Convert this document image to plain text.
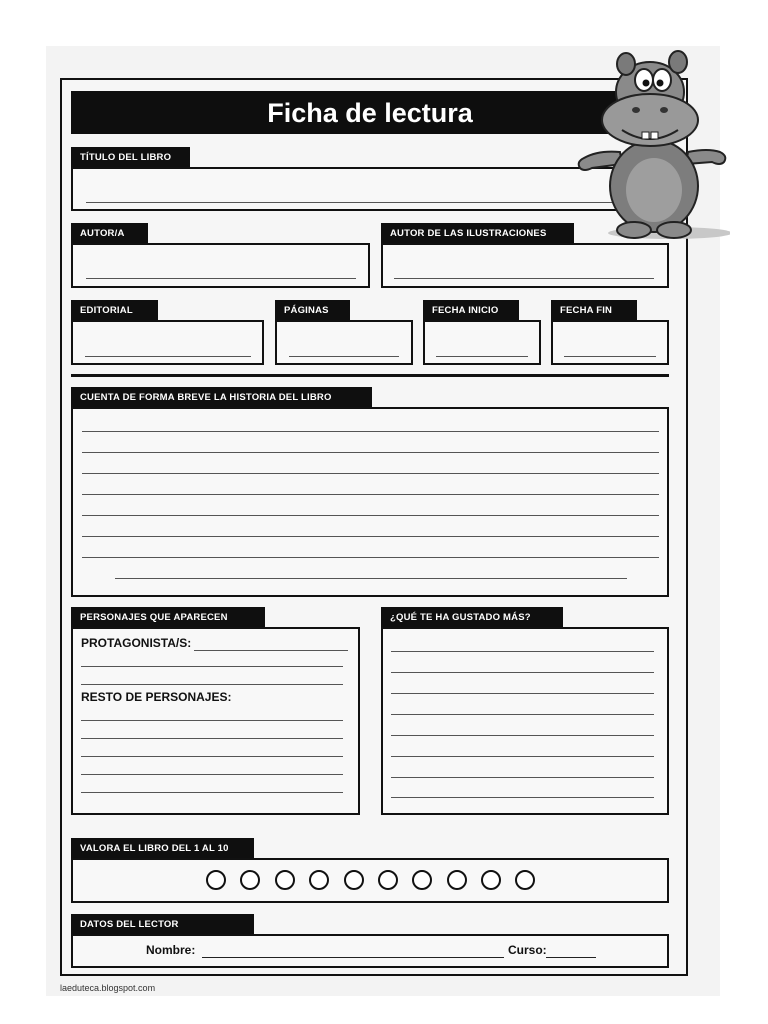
Ficha de lectura
TÍTULO DEL LIBRO
AUTOR/A	AUTOR DE LAS ILUSTRACIONES
EDITORIAL	PÁGINAS	FECHA INICIO	FECHA FIN
CUENTA DE FORMA BREVE LA HISTORIA DEL LIBRO
PERSONAJES QUE APARECEN
PROTAGONISTA/S:
RESTO DE PERSONAJES:
¿QUÉ TE HA GUSTADO MÁS?
VALORA EL LIBRO DEL 1 AL 10
DATOS DEL LECTOR
Nombre:	Curso:
laeduteca.blogspot.com
